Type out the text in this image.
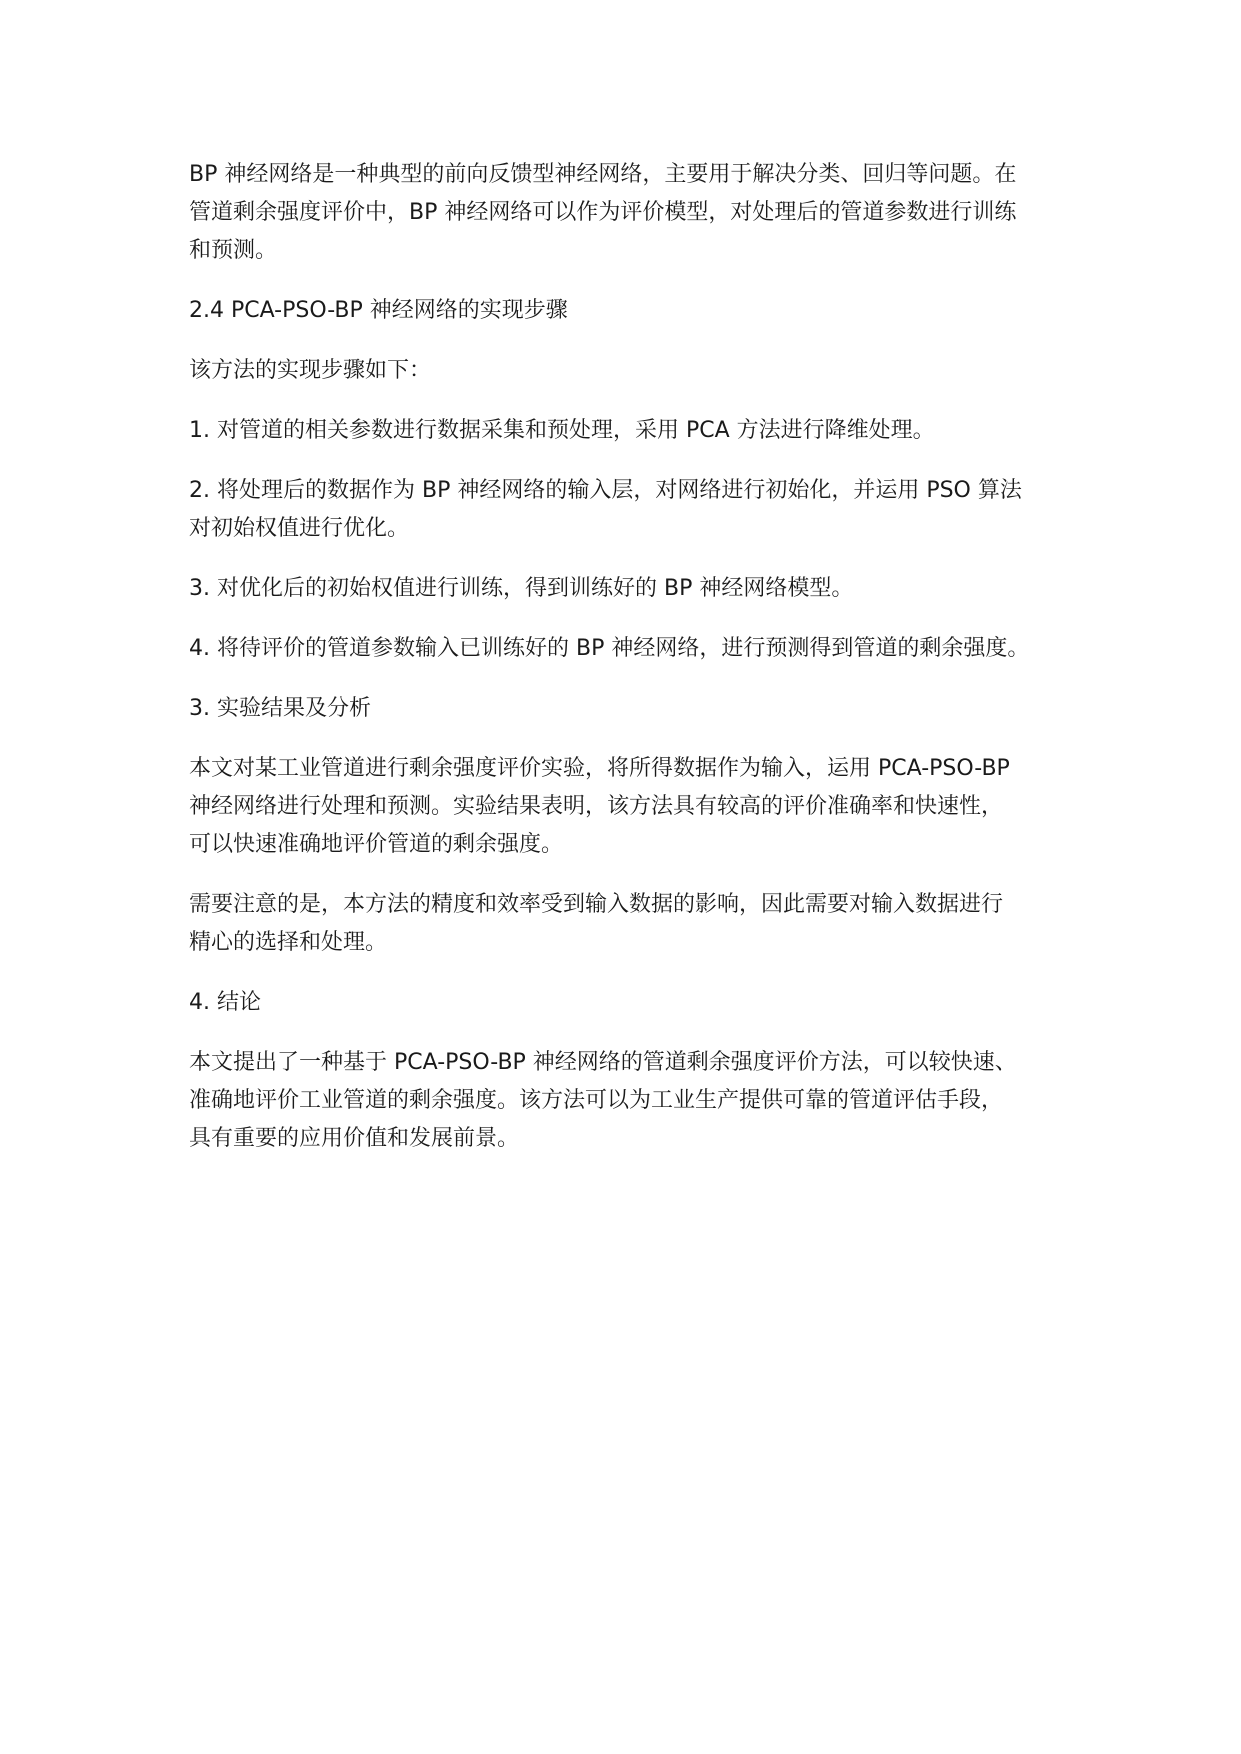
BP 神经网络是一种典型的前向反馈型神经网络，主要用于解决分类、回归等问题。在
管道剩余强度评价中，BP 神经网络可以作为评价模型，对处理后的管道参数进行训练
和预测。

2.4 PCA-PSO-BP 神经网络的实现步骤

该方法的实现步骤如下：

1. 对管道的相关参数进行数据采集和预处理，采用 PCA 方法进行降维处理。

2. 将处理后的数据作为 BP 神经网络的输入层，对网络进行初始化，并运用 PSO 算法
对初始权值进行优化。

3. 对优化后的初始权值进行训练，得到训练好的 BP 神经网络模型。

4. 将待评价的管道参数输入已训练好的 BP 神经网络，进行预测得到管道的剩余强度。

3. 实验结果及分析

本文对某工业管道进行剩余强度评价实验，将所得数据作为输入，运用 PCA-PSO-BP
神经网络进行处理和预测。实验结果表明，该方法具有较高的评价准确率和快速性，
可以快速准确地评价管道的剩余强度。

需要注意的是，本方法的精度和效率受到输入数据的影响，因此需要对输入数据进行
精心的选择和处理。

4. 结论

本文提出了一种基于 PCA-PSO-BP 神经网络的管道剩余强度评价方法，可以较快速、
准确地评价工业管道的剩余强度。该方法可以为工业生产提供可靠的管道评估手段，
具有重要的应用价值和发展前景。
